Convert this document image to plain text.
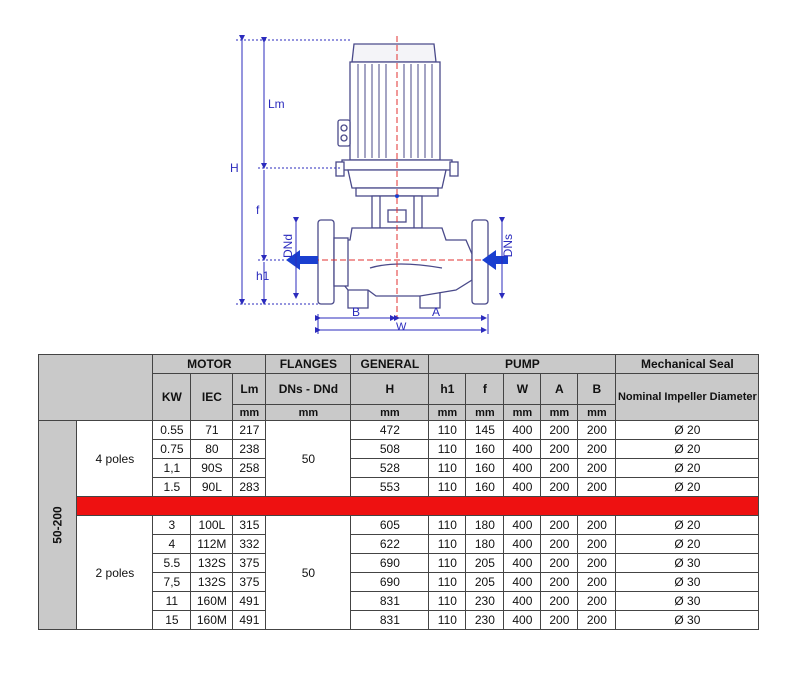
Lm
H
f
h1
DNd	DNs
B	A
W
		MOTOR			FLANGES	GENERAL	PUMP					Mechanical Seal
		KW	IEC	Lm	DNs - DNd	H	h1	f	W	A	B	Nominal Impeller Diameter
				mm	mm	mm	mm	mm	mm	mm	mm	
50-200	4 poles	0.55	71	217	50	472	110	145	400	200	200	Ø 20
		0.75	80	238		508	110	160	400	200	200	Ø 20
		1,1	90S	258		528	110	160	400	200	200	Ø 20
		1.5	90L	283		553	110	160	400	200	200	Ø 20

	2 poles	3	100L	315	50	605	110	180	400	200	200	Ø 20
		4	112M	332		622	110	180	400	200	200	Ø 20
		5.5	132S	375		690	110	205	400	200	200	Ø 30
		7,5	132S	375		690	110	205	400	200	200	Ø 30
		11	160M	491		831	110	230	400	200	200	Ø 30
		15	160M	491		831	110	230	400	200	200	Ø 30
